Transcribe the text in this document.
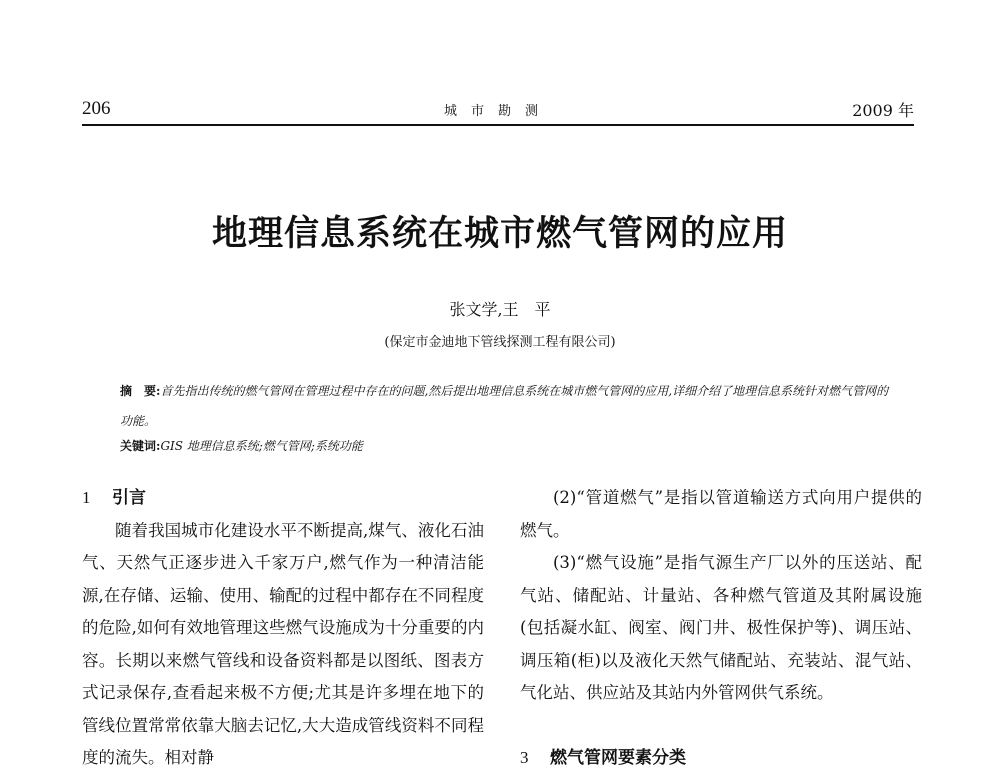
206	城市勘测	2009 年
地理信息系统在城市燃气管网的应用
张文学,王　平
(保定市金迪地下管线探测工程有限公司)
摘　要:首先指出传统的燃气管网在管理过程中存在的问题,然后提出地理信息系统在城市燃气管网的应用,详细介绍了地理信息系统针对燃气管网的功能。
关键词:GIS 地理信息系统;燃气管网;系统功能
1 引言

随着我国城市化建设水平不断提高,煤气、液化石油气、天然气正逐步进入千家万户,燃气作为一种清洁能源,在存储、运输、使用、输配的过程中都存在不同程度的危险,如何有效地管理这些燃气设施成为十分重要的内容。长期以来燃气管线和设备资料都是以图纸、图表方式记录保存,查看起来极不方便;尤其是许多埋在地下的管线位置常常依靠大脑去记忆,大大造成管线资料不同程度的流失。相对静

(2)“管道燃气”是指以管道输送方式向用户提供的燃气。

(3)“燃气设施”是指气源生产厂以外的压送站、配气站、储配站、计量站、各种燃气管道及其附属设施(包括凝水缸、阀室、阀门井、极性保护等)、调压站、调压箱(柜)以及液化天然气储配站、充装站、混气站、气化站、供应站及其站内外管网供气系统。

3 燃气管网要素分类
